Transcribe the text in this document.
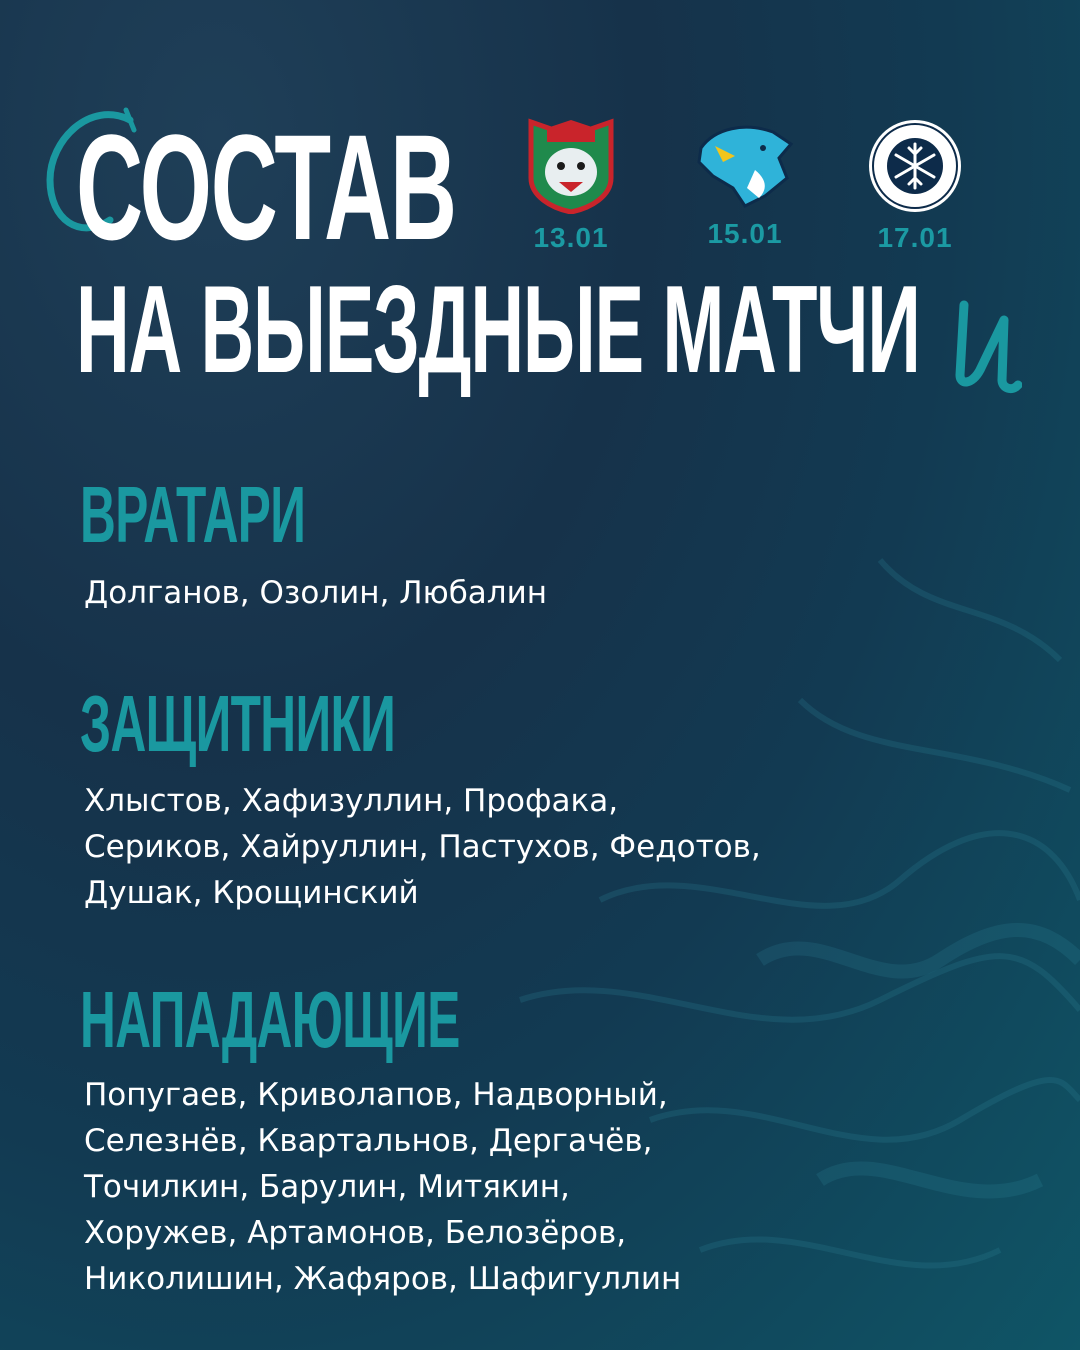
СОСТАВ
НА ВЫЕЗДНЫЕ МАТЧИ
13.01	15.01	17.01
ВРАТАРИ
Долганов, Озолин, Любалин
ЗАЩИТНИКИ
Хлыстов, Хафизуллин, Профака,
Сериков, Хайруллин, Пастухов, Федотов,
Душак, Крощинский
НАПАДАЮЩИЕ
Попугаев, Криволапов, Надворный,
Селезнёв, Квартальнов, Дергачёв,
Точилкин, Барулин, Митякин,
Хоружев, Артамонов, Белозёров,
Николишин, Жафяров, Шафигуллин
